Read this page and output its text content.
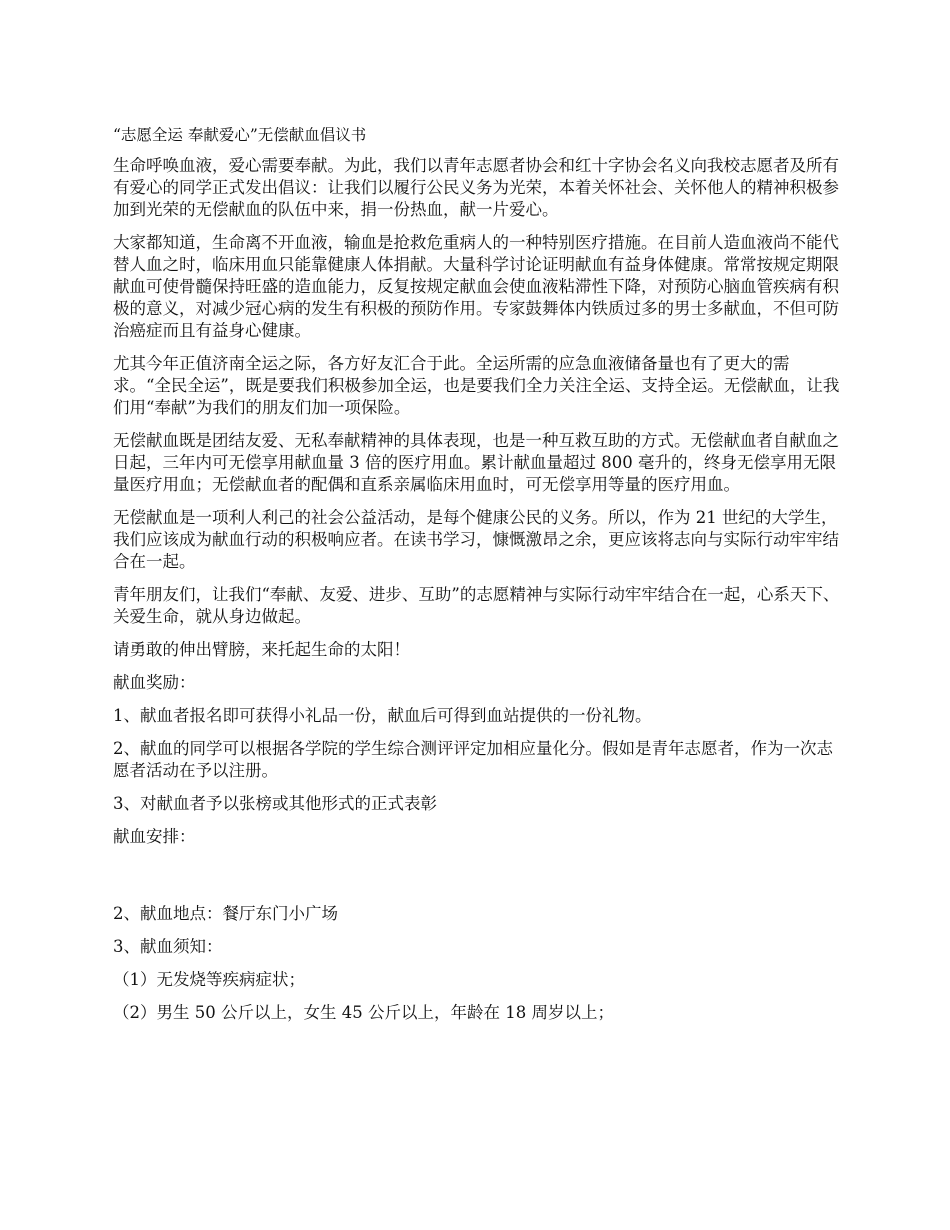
“志愿全运 奉献爱心”无偿献血倡议书

生命呼唤血液，爱心需要奉献。为此，我们以青年志愿者协会和红十字协会名义向我校志愿者及所有有爱心的同学正式发出倡议：让我们以履行公民义务为光荣，本着关怀社会、关怀他人的精神积极参加到光荣的无偿献血的队伍中来，捐一份热血，献一片爱心。

大家都知道，生命离不开血液，输血是抢救危重病人的一种特别医疗措施。在目前人造血液尚不能代替人血之时，临床用血只能靠健康人体捐献。大量科学讨论证明献血有益身体健康。常常按规定期限献血可使骨髓保持旺盛的造血能力，反复按规定献血会使血液粘滞性下降，对预防心脑血管疾病有积极的意义，对减少冠心病的发生有积极的预防作用。专家鼓舞体内铁质过多的男士多献血，不但可防治癌症而且有益身心健康。

尤其今年正值济南全运之际，各方好友汇合于此。全运所需的应急血液储备量也有了更大的需求。“全民全运”，既是要我们积极参加全运，也是要我们全力关注全运、支持全运。无偿献血，让我们用“奉献”为我们的朋友们加一项保险。

无偿献血既是团结友爱、无私奉献精神的具体表现，也是一种互救互助的方式。无偿献血者自献血之日起，三年内可无偿享用献血量 3 倍的医疗用血。累计献血量超过 800 毫升的，终身无偿享用无限量医疗用血；无偿献血者的配偶和直系亲属临床用血时，可无偿享用等量的医疗用血。

无偿献血是一项利人利己的社会公益活动，是每个健康公民的义务。所以，作为 21 世纪的大学生，我们应该成为献血行动的积极响应者。在读书学习，慷慨激昂之余，更应该将志向与实际行动牢牢结合在一起。

青年朋友们，让我们“奉献、友爱、进步、互助”的志愿精神与实际行动牢牢结合在一起，心系天下、关爱生命，就从身边做起。

请勇敢的伸出臂膀，来托起生命的太阳！

献血奖励：

1、献血者报名即可获得小礼品一份，献血后可得到血站提供的一份礼物。

2、献血的同学可以根据各学院的学生综合测评评定加相应量化分。假如是青年志愿者，作为一次志愿者活动在予以注册。

3、对献血者予以张榜或其他形式的正式表彰

献血安排：

2、献血地点：餐厅东门小广场

3、献血须知：

（1）无发烧等疾病症状；

（2）男生 50 公斤以上，女生 45 公斤以上，年龄在 18 周岁以上；
